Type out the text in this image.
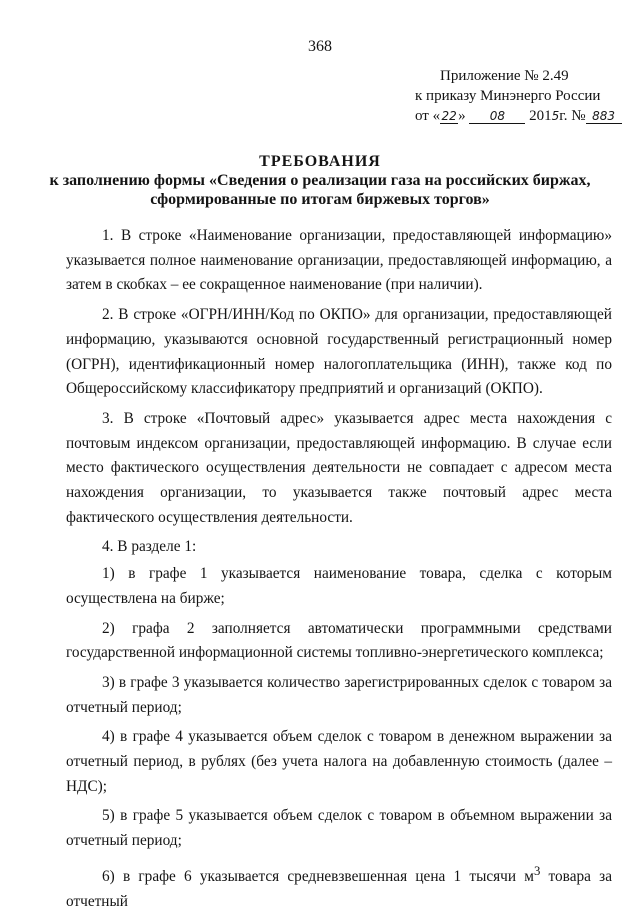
368
Приложение № 2.49
к приказу Минэнерго России
от «22» 08 2015г. № 883
ТРЕБОВАНИЯ
к заполнению формы «Сведения о реализации газа на российских биржах,
сформированные по итогам биржевых торгов»

1. В строке «Наименование организации, предоставляющей информацию» указывается полное наименование организации, предоставляющей информацию, а затем в скобках – ее сокращенное наименование (при наличии).

2. В строке «ОГРН/ИНН/Код по ОКПО» для организации, предоставляющей информацию, указываются основной государственный регистрационный номер (ОГРН), идентификационный номер налогоплательщика (ИНН), также код по Общероссийскому классификатору предприятий и организаций (ОКПО).

3. В строке «Почтовый адрес» указывается адрес места нахождения с почтовым индексом организации, предоставляющей информацию. В случае если место фактического осуществления деятельности не совпадает с адресом места нахождения организации, то указывается также почтовый адрес места фактического осуществления деятельности.

4. В разделе 1:

1) в графе 1 указывается наименование товара, сделка с которым осуществлена на бирже;

2) графа 2 заполняется автоматически программными средствами государственной информационной системы топливно-энергетического комплекса;

3) в графе 3 указывается количество зарегистрированных сделок с товаром за отчетный период;

4) в графе 4 указывается объем сделок с товаром в денежном выражении за отчетный период, в рублях (без учета налога на добавленную стоимость (далее – НДС);

5) в графе 5 указывается объем сделок с товаром в объемном выражении за отчетный период;

6) в графе 6 указывается средневзвешенная цена 1 тысячи $м^3$ товара за отчетный
